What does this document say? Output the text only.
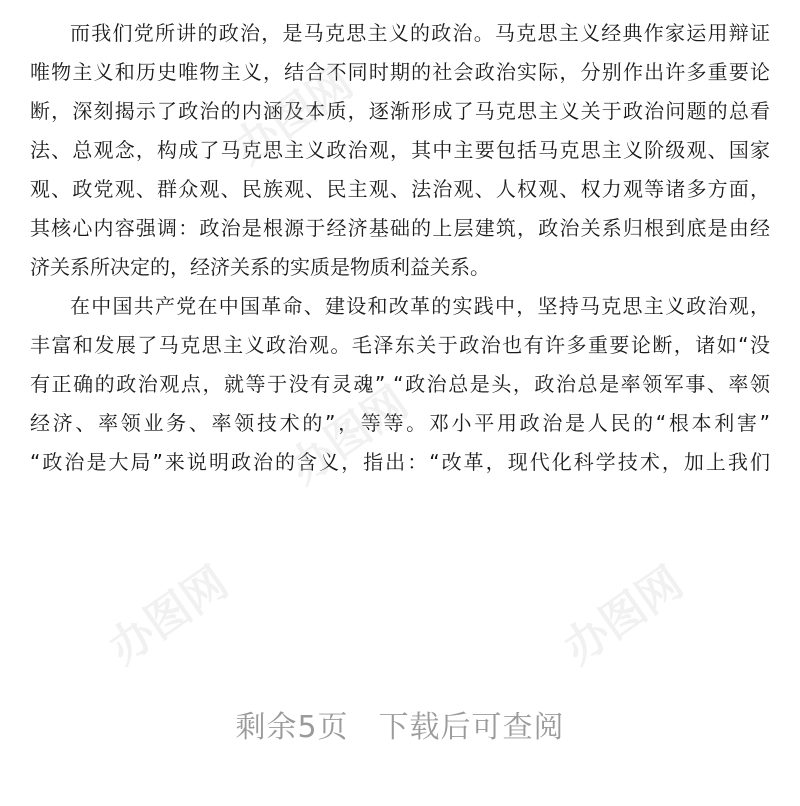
而我们党所讲的政治，是马克思主义的政治。马克思主义经典作家运用辩证
唯物主义和历史唯物主义，结合不同时期的社会政治实际，分别作出许多重要论
断，深刻揭示了政治的内涵及本质，逐渐形成了马克思主义关于政治问题的总看
法、总观念，构成了马克思主义政治观，其中主要包括马克思主义阶级观、国家
观、政党观、群众观、民族观、民主观、法治观、人权观、权力观等诸多方面，
其核心内容强调：政治是根源于经济基础的上层建筑，政治关系归根到底是由经
济关系所决定的，经济关系的实质是物质利益关系。
在中国共产党在中国革命、建设和改革的实践中，坚持马克思主义政治观，
丰富和发展了马克思主义政治观。毛泽东关于政治也有许多重要论断，诸如“没
有正确的政治观点，就等于没有灵魂” “政治总是头，政治总是率领军事、率领
经济、率领业务、率领技术的”，等等。邓小平用政治是人民的“根本利害”
“政治是大局”来说明政治的含义，指出：“改革，现代化科学技术，加上我们
办图网
办图网
办图网	办图网
剩余5页 下载后可查阅
